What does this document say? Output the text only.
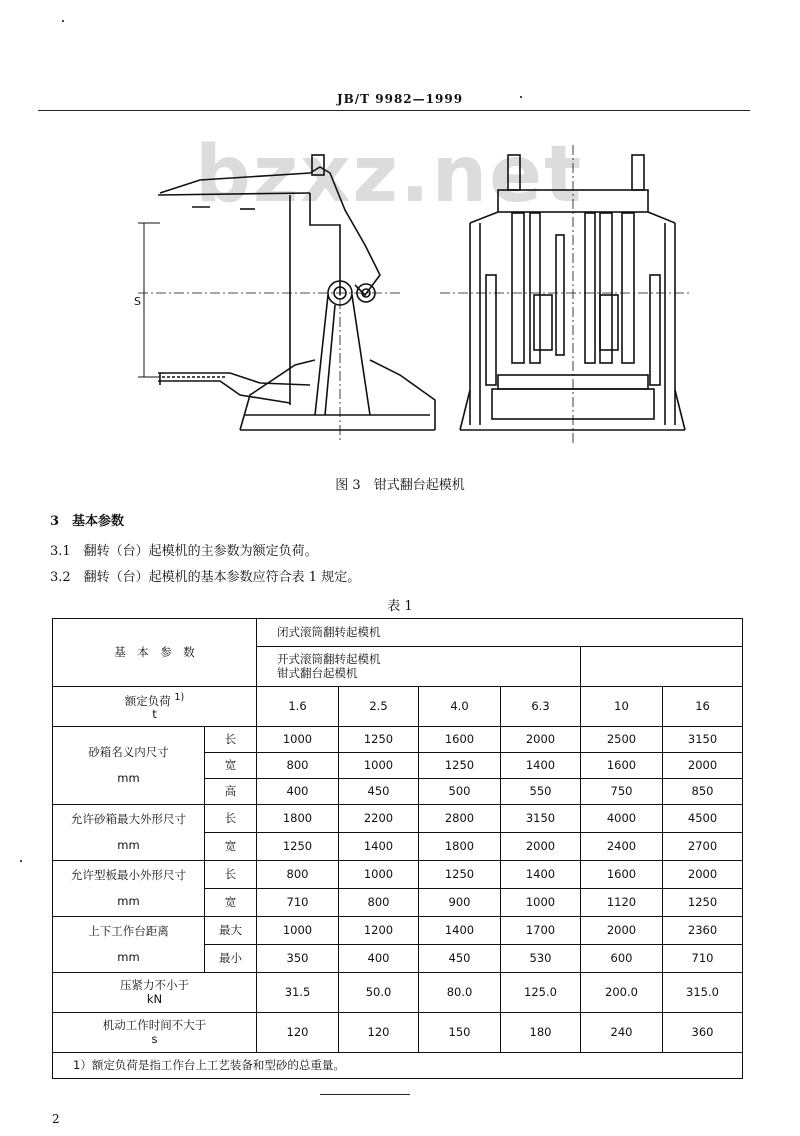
JB/T 9982—1999
bzxz.net
S
图 3　钳式翻台起模机
3　基本参数
3.1　翻转（台）起模机的主参数为额定负荷。
3.2　翻转（台）起模机的基本参数应符合表 1 规定。
表 1
基　本　参　数		闭式滚筒翻转起模机					
		开式滚筒翻转起模机
钳式翻台起模机					
额定负荷 $^{1)}$
t		1.6	2.5	4.0	6.3	10	16
砂箱名义内尺寸

mm	长	1000	1250	1600	2000	2500	3150
	宽	800	1000	1250	1400	1600	2000
	高	400	450	500	550	750	850
允许砂箱最大外形尺寸

mm	长	1800	2200	2800	3150	4000	4500
	宽	1250	1400	1800	2000	2400	2700
允许型板最小外形尺寸

mm	长	800	1000	1250	1400	1600	2000
	宽	710	800	900	1000	1120	1250
上下工作台距离

mm	最大	1000	1200	1400	1700	2000	2360
	最小	350	400	450	530	600	710
压紧力不小于
kN		31.5	50.0	80.0	125.0	200.0	315.0
机动工作时间不大于
s		120	120	150	180	240	360
1）额定负荷是指工作台上工艺装备和型砂的总重量。							
2
